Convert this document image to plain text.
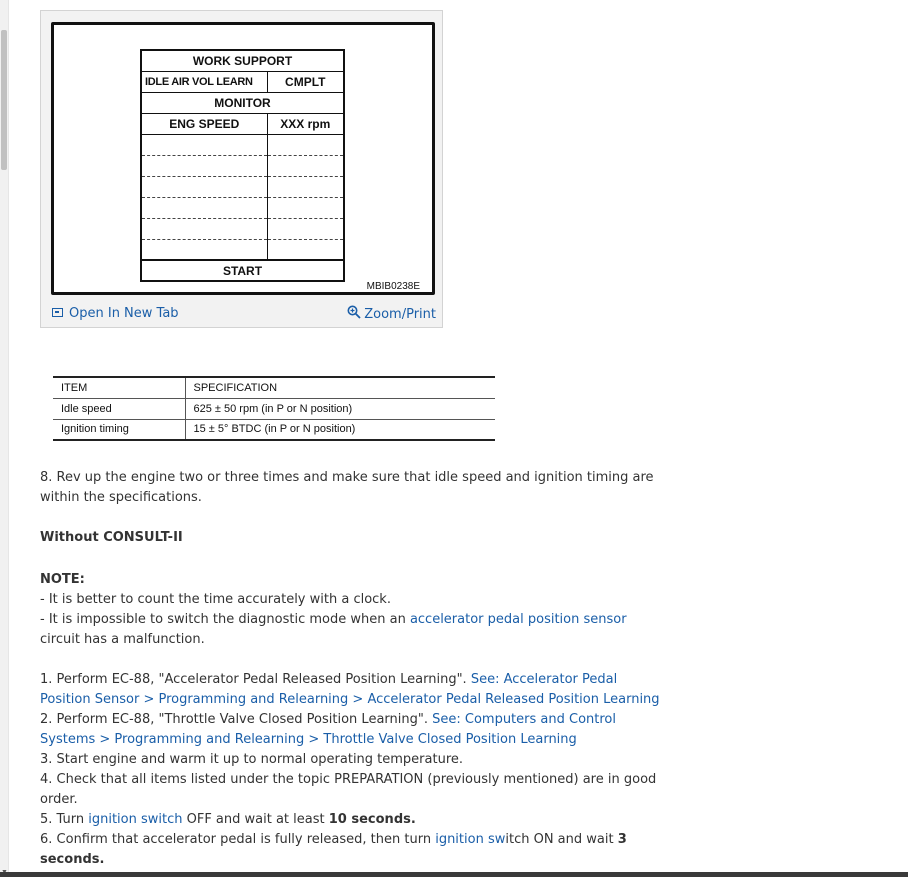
WORK SUPPORT	
IDLE AIR VOL LEARN	CMPLT
MONITOR	
ENG SPEED	XXX rpm

START	
MBIB0238E
Open In New Tab	Zoom/Print
ITEM	SPECIFICATION
Idle speed	625 ± 50 rpm (in P or N position)
Ignition timing	15 ± 5° BTDC (in P or N position)
8. Rev up the engine two or three times and make sure that idle speed and ignition timing are within the specifications.
Without CONSULT-II
NOTE:
- It is better to count the time accurately with a clock.
- It is impossible to switch the diagnostic mode when an accelerator pedal position sensor circuit has a malfunction.
1. Perform EC-88, "Accelerator Pedal Released Position Learning". See: Accelerator Pedal Position Sensor > Programming and Relearning > Accelerator Pedal Released Position Learning
2. Perform EC-88, "Throttle Valve Closed Position Learning". See: Computers and Control Systems > Programming and Relearning > Throttle Valve Closed Position Learning
3. Start engine and warm it up to normal operating temperature.
4. Check that all items listed under the topic PREPARATION (previously mentioned) are in good order.
5. Turn ignition switch OFF and wait at least 10 seconds.
6. Confirm that accelerator pedal is fully released, then turn ignition switch ON and wait 3 seconds.
